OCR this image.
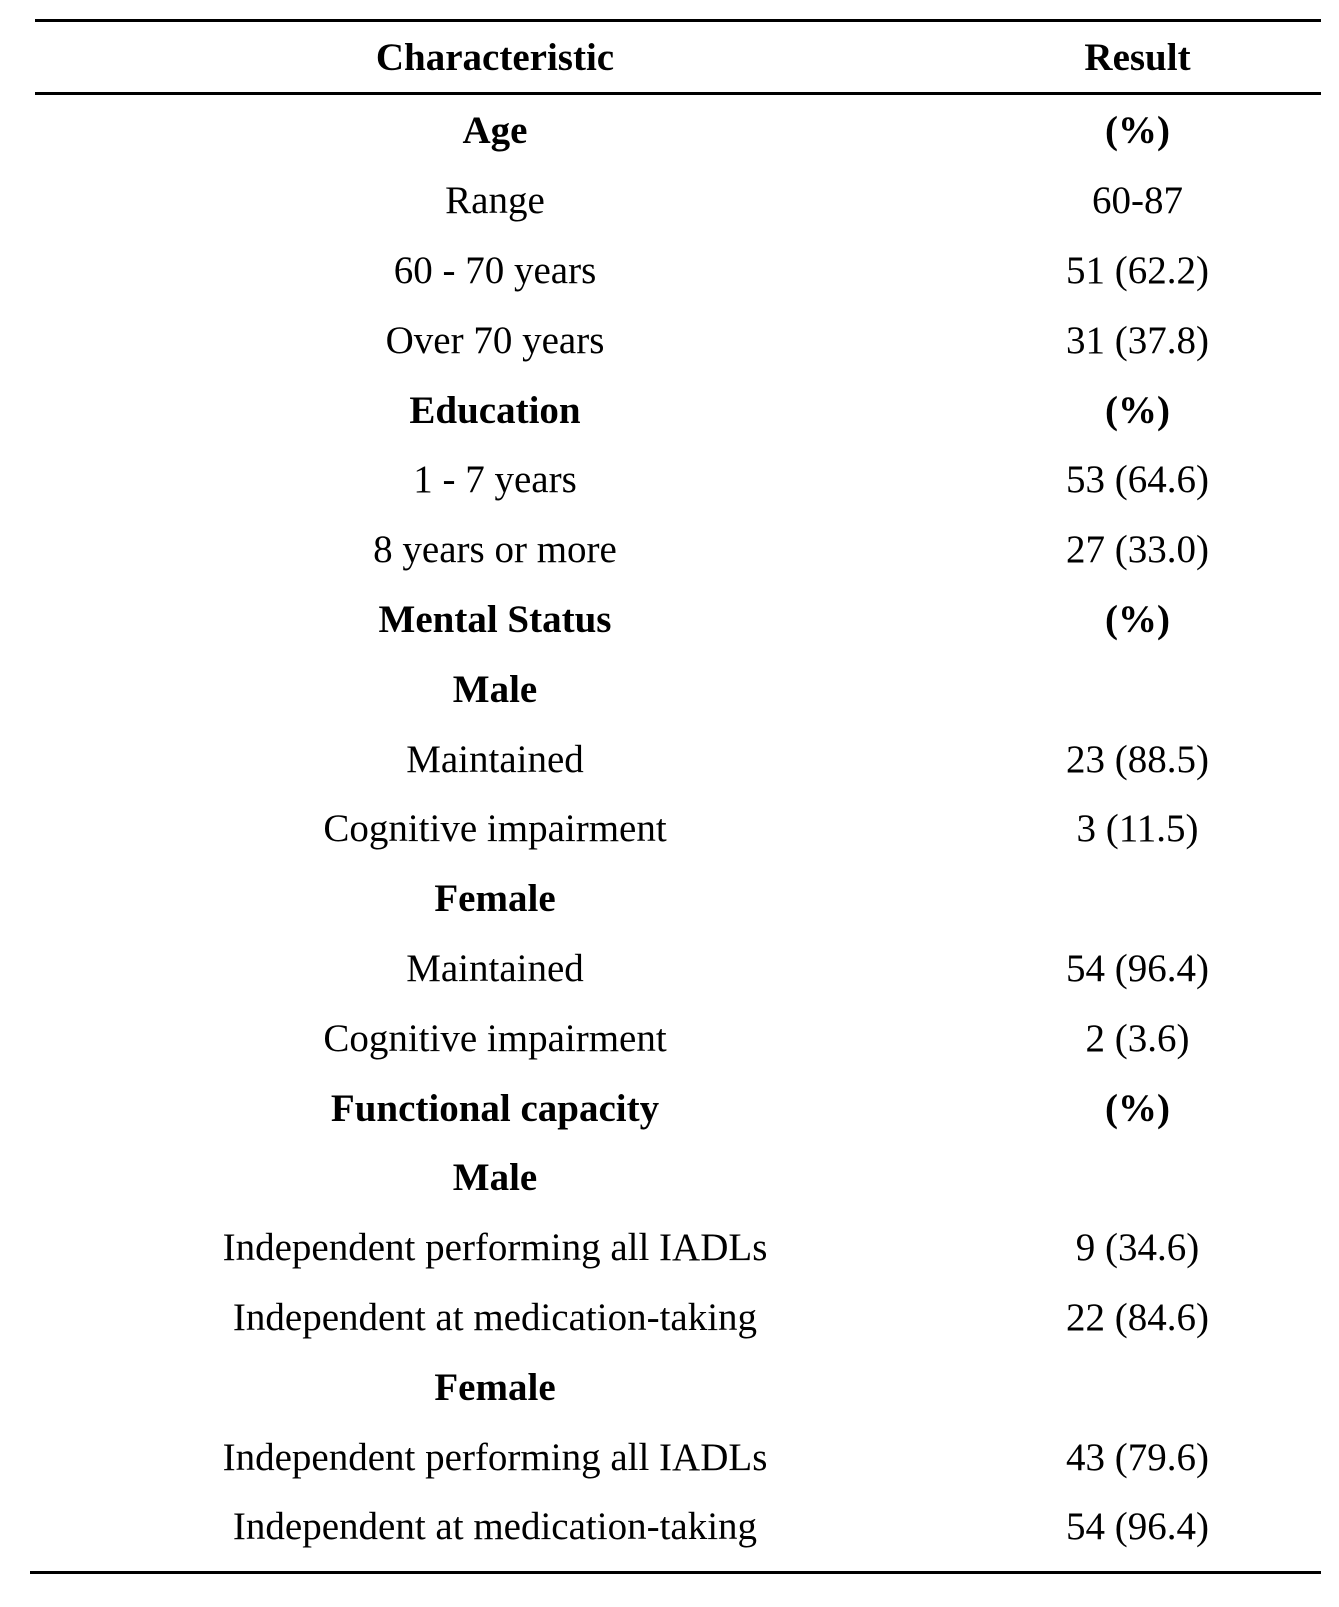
Characteristic	Result
Age	(%)
Range	60-87
60 - 70 years	51 (62.2)
Over 70 years	31 (37.8)
Education	(%)
1 - 7 years	53 (64.6)
8 years or more	27 (33.0)
Mental Status	(%)
Male
Maintained	23 (88.5)
Cognitive impairment	3 (11.5)
Female
Maintained	54 (96.4)
Cognitive impairment	2 (3.6)
Functional capacity	(%)
Male
Independent performing all IADLs	9 (34.6)
Independent at medication-taking	22 (84.6)
Female
Independent performing all IADLs	43 (79.6)
Independent at medication-taking	54 (96.4)
